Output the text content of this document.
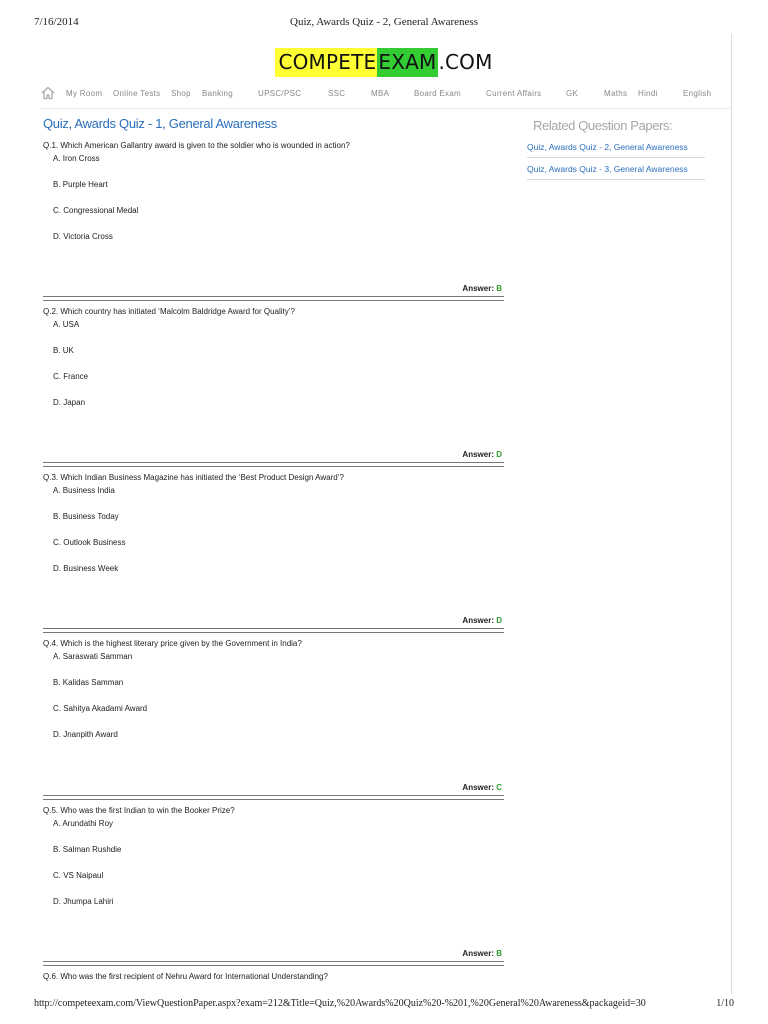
7/16/2014	Quiz, Awards Quiz - 2, General Awareness
COMPETE EXAM .COM
My Room Online Tests Shop Banking	UPSC/PSC	SSC	MBA	Board Exam	Current Affairs	GK	Maths Hindi	English
Quiz, Awards Quiz - 1, General Awareness	Related Question Papers:
Quiz, Awards Quiz - 2, General Awareness
Quiz, Awards Quiz - 3, General Awareness
Q.1. Which American Gallantry award is given to the soldier who is wounded in action?
A. Iron Cross
B. Purple Heart
C. Congressional Medal
D. Victoria Cross
Answer: B
Q.2. Which country has initiated ‘Malcolm Baldridge Award for Quality’?
A. USA
B. UK
C. France
D. Japan
Answer: D
Q.3. Which Indian Business Magazine has initiated the ‘Best Product Design Award’?
A. Business India
B. Business Today
C. Outlook Business
D. Business Week
Answer: D
Q.4. Which is the highest literary price given by the Government in India?
A. Saraswati Samman
B. Kalidas Samman
C. Sahitya Akadami Award
D. Jnanpith Award
Answer: C
Q.5. Who was the first Indian to win the Booker Prize?
A. Arundathi Roy
B. Salman Rushdie
C. VS Naipaul
D. Jhumpa Lahiri
Answer: B
Q.6. Who was the first recipient of Nehru Award for International Understanding?
http://competeexam.com/ViewQuestionPaper.aspx?exam=212&Title=Quiz,%20Awards%20Quiz%20-%201,%20General%20Awareness&packageid=30	1/10
